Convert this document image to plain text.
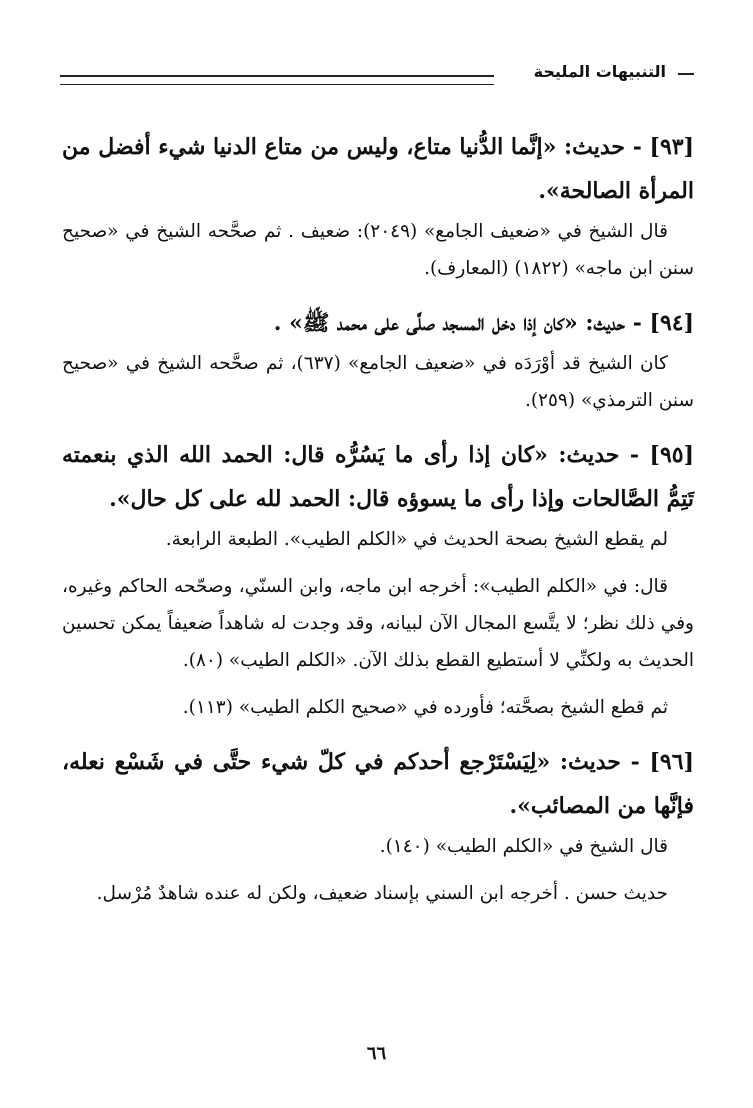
التنبيهات المليحة

[٩٣] - حديث: «إنَّما الدُّنيا متاع، وليس من متاع الدنيا شيء أفضل من المرأة الصالحة».

قال الشيخ في «ضعيف الجامع» (٢٠٤٩): ضعيف . ثم صحَّحه الشيخ في «صحيح سنن ابن ماجه» (١٨٢٢) (المعارف).

[٩٤] - حديث: «كان إذا دخل المسجد صلَّى على محمد ﷺ» .

كان الشيخ قد أوْرَدَه في «ضعيف الجامع» (٦٣٧)، ثم صحَّحه الشيخ في «صحيح سنن الترمذي» (٢٥٩).

[٩٥] - حديث: «كان إذا رأى ما يَسُرُّه قال: الحمد الله الذي بنعمته تَتِمُّ الصَّالحات وإذا رأى ما يسوؤه قال: الحمد لله على كل حال».

لم يقطع الشيخ بصحة الحديث في «الكلم الطيب». الطبعة الرابعة.

قال: في «الكلم الطيب»: أخرجه ابن ماجه، وابن السنّي، وصحّحه الحاكم وغيره، وفي ذلك نظر؛ لا يتَّسع المجال الآن لبيانه، وقد وجدت له شاهداً ضعيفاً يمكن تحسين الحديث به ولكنِّي لا أستطيع القطع بذلك الآن. «الكلم الطيب» (٨٠).

ثم قطع الشيخ بصحَّته؛ فأورده في «صحيح الكلم الطيب» (١١٣).

[٩٦] - حديث: «لِيَسْتَرْجع أحدكم في كلّ شيء حتَّى في شَسْع نعله، فإنَّها من المصائب».

قال الشيخ في «الكلم الطيب» (١٤٠).

حديث حسن . أخرجه ابن السني بإسناد ضعيف، ولكن له عنده شاهدٌ مُرْسل.

٦٦
